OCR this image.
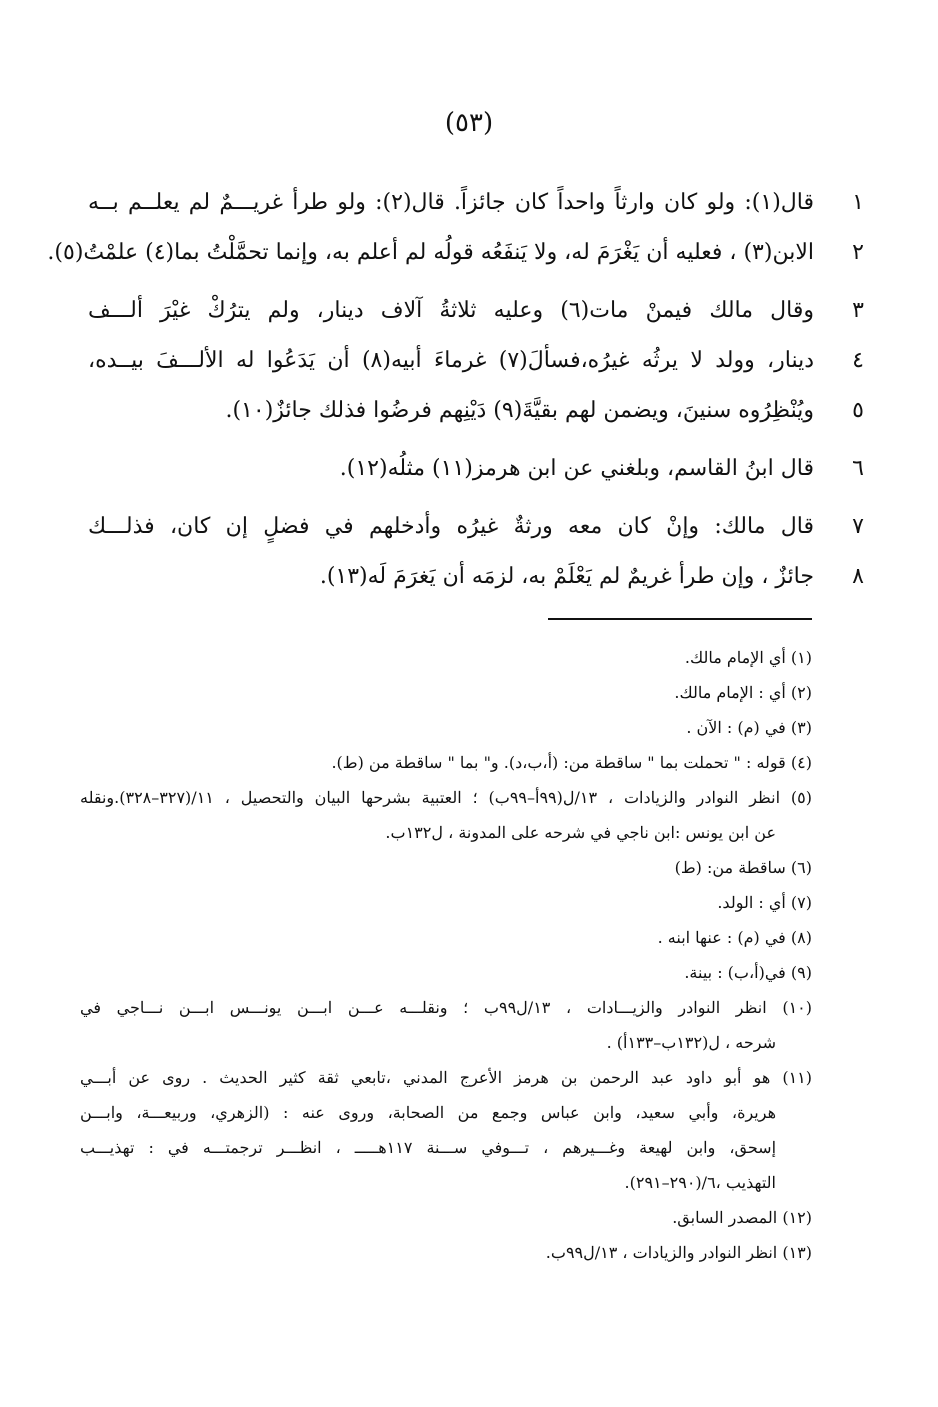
(٥٣)
١
قال(١): ولو كان وارثاً واحداً كان جائزاً. قال(٢): ولو طرأ غريـــمٌ لم يعلــم بــه
٢
الابن(٣) ، فعليه أن يَغْرَمَ له، ولا يَنفَعُه قولُه لم أعلم به، وإنما تحمَّلْتُ بما(٤) علمْتُ(٥).
٣
وقال مالك فيمنْ مات(٦) وعليه ثلاثةُ آلاف دينار، ولم يترُكْ غيْرَ ألـــف
٤
دينار، وولد لا يرثُه غيرُه،فسألَ(٧) غرماءَ أبيه(٨) أن يَدَعُوا له الألـــفَ بيــده،
٥
ويُنْظِرُوه سنينَ، ويضمن لهم بقيَّةَ(٩) دَيْنِهم فرضُوا فذلك جائزٌ(١٠).
٦
قال ابنُ القاسم، وبلغني عن ابن هرمز(١١) مثلُه(١٢).
٧
قال مالك: وإنْ كان معه ورثةٌ غيرُه وأدخلهم في فضلٍ إن كان، فذلـــك
٨
جائزٌ ، وإن طرأ غريمٌ لم يَعْلَمْ به، لزمَه أن يَغرَمَ لَه(١٣).
(١) أي الإمام مالك.
(٢) أي : الإمام مالك.
(٣) في (م) : الآن .
(٤) قوله : " تحملت بما " ساقطة من: (أ،ب،د). و" بما " ساقطة من (ط).
(٥) انظر النوادر والزيادات ، ١٣/ل(٩٩أ–٩٩ب) ؛ العتبية بشرحها البيان والتحصيل ، ١١/(٣٢٧–٣٢٨).ونقله
عن ابن يونس :ابن ناجي في شرحه على المدونة ، ل١٣٢ب.
(٦) ساقطة من: (ط)
(٧) أي : الولد.
(٨) في (م) : عنها ابنه .
(٩) في(أ،ب) : بينة.
(١٠) انظر النوادر والزيـــادات ، ١٣/ل٩٩ب ؛ ونقلـــه عـــن ابـــن يونـــس ابـــن نـــاجي في
شرحه ، ل(١٣٢ب–١٣٣أ) .
(١١) هو أبو داود عبد الرحمن بن هرمز الأعرج المدني ،تابعي ثقة كثير الحديث . روى عن أبـــي
هريرة، وأبي سعيد، وابن عباس وجمع من الصحابة، وروى عنه : (الزهري، وربيعـــة، وابـــن
إسحق، وابن لهيعة وغـــيرهم ، تـــوفي ســـنة ١١٧هـــــ ، انظـــر ترجمتـــه في : تهذيـــب
التهذيب ،٦/(٢٩٠–٢٩١).
(١٢) المصدر السابق.
(١٣) انظر النوادر والزيادات ، ١٣/ل٩٩ب.
